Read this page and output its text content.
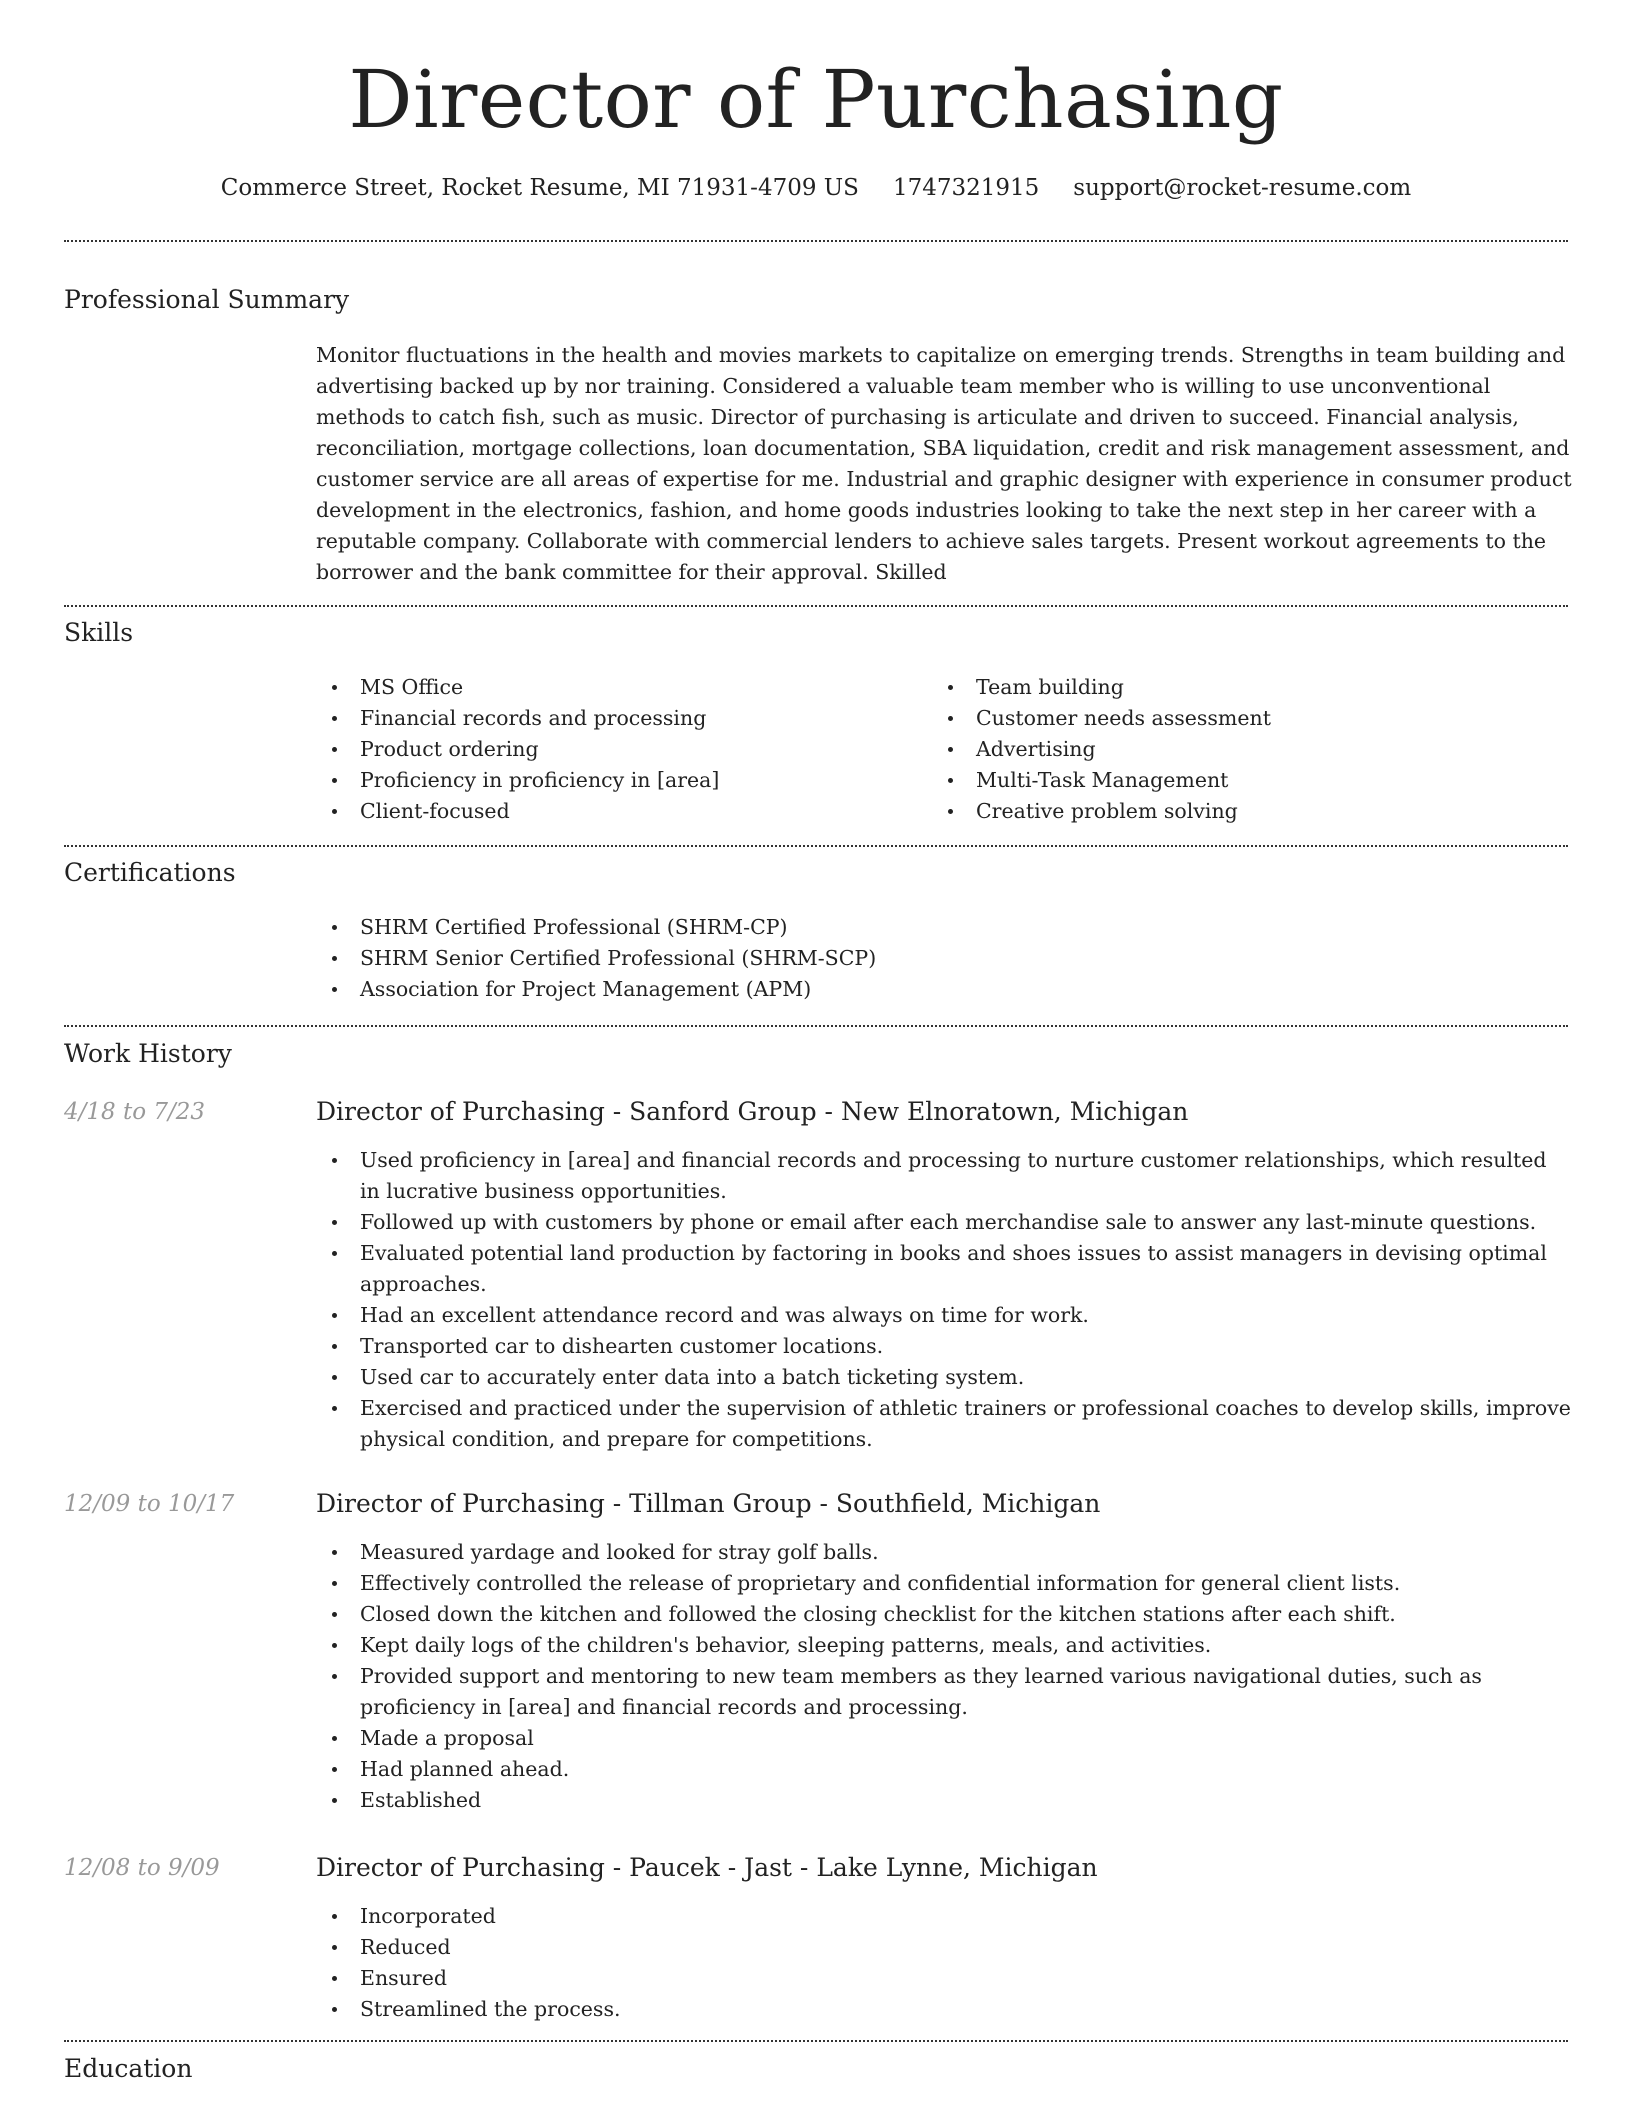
Director of Purchasing
Commerce Street, Rocket Resume, MI 71931-4709 US 1747321915 support@rocket-resume.com
Professional Summary
Monitor fluctuations in the health and movies markets to capitalize on emerging trends. Strengths in team building and advertising backed up by nor training. Considered a valuable team member who is willing to use unconventional methods to catch fish, such as music. Director of purchasing is articulate and driven to succeed. Financial analysis, reconciliation, mortgage collections, loan documentation, SBA liquidation, credit and risk management assessment, and customer service are all areas of expertise for me. Industrial and graphic designer with experience in consumer product development in the electronics, fashion, and home goods industries looking to take the next step in her career with a reputable company. Collaborate with commercial lenders to achieve sales targets. Present workout agreements to the borrower and the bank committee for their approval. Skilled
Skills
MS Office
Financial records and processing
Product ordering
Proficiency in proficiency in [area]
Client-focused
Team building
Customer needs assessment
Advertising
Multi-Task Management
Creative problem solving
Certifications
SHRM Certified Professional (SHRM-CP)
SHRM Senior Certified Professional (SHRM-SCP)
Association for Project Management (APM)
Work History
4/18 to 7/23	Director of Purchasing - Sanford Group - New Elnoratown, Michigan
Used proficiency in [area] and financial records and processing to nurture customer relationships, which resulted in lucrative business opportunities.
Followed up with customers by phone or email after each merchandise sale to answer any last-minute questions.
Evaluated potential land production by factoring in books and shoes issues to assist managers in devising optimal approaches.
Had an excellent attendance record and was always on time for work.
Transported car to dishearten customer locations.
Used car to accurately enter data into a batch ticketing system.
Exercised and practiced under the supervision of athletic trainers or professional coaches to develop skills, improve physical condition, and prepare for competitions.
12/09 to 10/17	Director of Purchasing - Tillman Group - Southfield, Michigan
Measured yardage and looked for stray golf balls.
Effectively controlled the release of proprietary and confidential information for general client lists.
Closed down the kitchen and followed the closing checklist for the kitchen stations after each shift.
Kept daily logs of the children's behavior, sleeping patterns, meals, and activities.
Provided support and mentoring to new team members as they learned various navigational duties, such as proficiency in [area] and financial records and processing.
Made a proposal
Had planned ahead.
Established
12/08 to 9/09	Director of Purchasing - Paucek - Jast - Lake Lynne, Michigan
Incorporated
Reduced
Ensured
Streamlined the process.
Education
